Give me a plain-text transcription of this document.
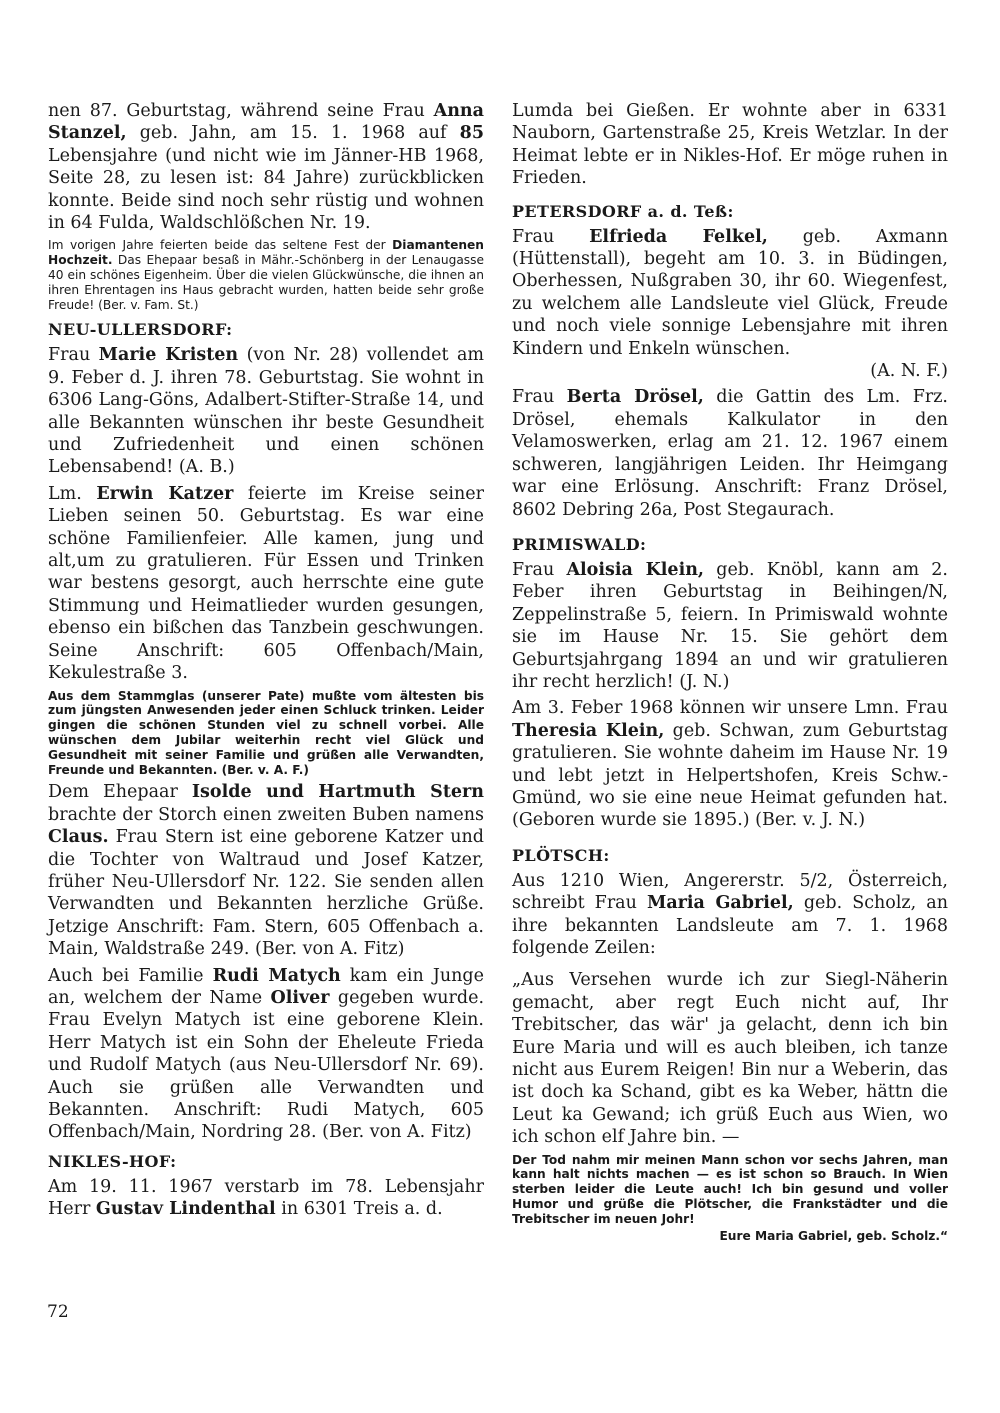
nen 87. Geburtstag, während seine Frau Anna Stanzel, geb. Jahn, am 15. 1. 1968 auf 85 Lebensjahre (und nicht wie im Jänner-HB 1968, Seite 28, zu lesen ist: 84 Jahre) zurückblicken konnte. Beide sind noch sehr rüstig und wohnen in 64 Fulda, Waldschlößchen Nr. 19.

Im vorigen Jahre feierten beide das seltene Fest der Diamantenen Hochzeit. Das Ehepaar besaß in Mähr.-Schönberg in der Lenaugasse 40 ein schönes Eigenheim. Über die vielen Glückwünsche, die ihnen an ihren Ehrentagen ins Haus gebracht wurden, hatten beide sehr große Freude! (Ber. v. Fam. St.)

NEU-ULLERSDORF:

Frau Marie Kristen (von Nr. 28) vollendet am 9. Feber d. J. ihren 78. Geburtstag. Sie wohnt in 6306 Lang-Göns, Adalbert-Stifter-Straße 14, und alle Bekannten wünschen ihr beste Gesundheit und Zufriedenheit und einen schönen Lebensabend! (A. B.)

Lm. Erwin Katzer feierte im Kreise seiner Lieben seinen 50. Geburtstag. Es war eine schöne Familienfeier. Alle kamen, jung und alt,um zu gratulieren. Für Essen und Trinken war bestens gesorgt, auch herrschte eine gute Stimmung und Heimatlieder wurden gesungen, ebenso ein bißchen das Tanzbein geschwungen. Seine Anschrift: 605 Offenbach/Main, Kekulestraße 3.

Aus dem Stammglas (unserer Pate) mußte vom ältesten bis zum jüngsten Anwesenden jeder einen Schluck trinken. Leider gingen die schönen Stunden viel zu schnell vorbei. Alle wünschen dem Jubilar weiterhin recht viel Glück und Gesundheit mit seiner Familie und grüßen alle Verwandten, Freunde und Bekannten. (Ber. v. A. F.)

Dem Ehepaar Isolde und Hartmuth Stern brachte der Storch einen zweiten Buben namens Claus. Frau Stern ist eine geborene Katzer und die Tochter von Waltraud und Josef Katzer, früher Neu-Ullersdorf Nr. 122. Sie senden allen Verwandten und Bekannten herzliche Grüße. Jetzige Anschrift: Fam. Stern, 605 Offenbach a. Main, Waldstraße 249. (Ber. von A. Fitz)

Auch bei Familie Rudi Matych kam ein Junge an, welchem der Name Oliver gegeben wurde. Frau Evelyn Matych ist eine geborene Klein. Herr Matych ist ein Sohn der Eheleute Frieda und Rudolf Matych (aus Neu-Ullersdorf Nr. 69). Auch sie grüßen alle Verwandten und Bekannten. Anschrift: Rudi Matych, 605 Offenbach/Main, Nordring 28. (Ber. von A. Fitz)

NIKLES-HOF:

Am 19. 11. 1967 verstarb im 78. Lebensjahr Herr Gustav Lindenthal in 6301 Treis a. d.

Lumda bei Gießen. Er wohnte aber in 6331 Nauborn, Gartenstraße 25, Kreis Wetzlar. In der Heimat lebte er in Nikles-Hof. Er möge ruhen in Frieden.

PETERSDORF a. d. Teß:

Frau Elfrieda Felkel, geb. Axmann (Hüttenstall), begeht am 10. 3. in Büdingen, Oberhessen, Nußgraben 30, ihr 60. Wiegenfest, zu welchem alle Landsleute viel Glück, Freude und noch viele sonnige Lebensjahre mit ihren Kindern und Enkeln wünschen.

(A. N. F.)

Frau Berta Drösel, die Gattin des Lm. Frz. Drösel, ehemals Kalkulator in den Velamoswerken, erlag am 21. 12. 1967 einem schweren, langjährigen Leiden. Ihr Heimgang war eine Erlösung. Anschrift: Franz Drösel, 8602 Debring 26a, Post Stegaurach.

PRIMISWALD:

Frau Aloisia Klein, geb. Knöbl, kann am 2. Feber ihren Geburtstag in Beihingen/N, Zeppelinstraße 5, feiern. In Primiswald wohnte sie im Hause Nr. 15. Sie gehört dem Geburtsjahrgang 1894 an und wir gratulieren ihr recht herzlich! (J. N.)

Am 3. Feber 1968 können wir unsere Lmn. Frau Theresia Klein, geb. Schwan, zum Geburtstag gratulieren. Sie wohnte daheim im Hause Nr. 19 und lebt jetzt in Helpertshofen, Kreis Schw.-Gmünd, wo sie eine neue Heimat gefunden hat. (Geboren wurde sie 1895.) (Ber. v. J. N.)

PLÖTSCH:

Aus 1210 Wien, Angererstr. 5/2, Österreich, schreibt Frau Maria Gabriel, geb. Scholz, an ihre bekannten Landsleute am 7. 1. 1968 folgende Zeilen:

„Aus Versehen wurde ich zur Siegl-Näherin gemacht, aber regt Euch nicht auf, Ihr Trebitscher, das wär' ja gelacht, denn ich bin Eure Maria und will es auch bleiben, ich tanze nicht aus Eurem Reigen! Bin nur a Weberin, das ist doch ka Schand, gibt es ka Weber, hättn die Leut ka Gewand; ich grüß Euch aus Wien, wo ich schon elf Jahre bin. —

Der Tod nahm mir meinen Mann schon vor sechs Jahren, man kann halt nichts machen — es ist schon so Brauch. In Wien sterben leider die Leute auch! Ich bin gesund und voller Humor und grüße die Plötscher, die Frankstädter und die Trebitscher im neuen Johr!

Eure Maria Gabriel, geb. Scholz.“

72
